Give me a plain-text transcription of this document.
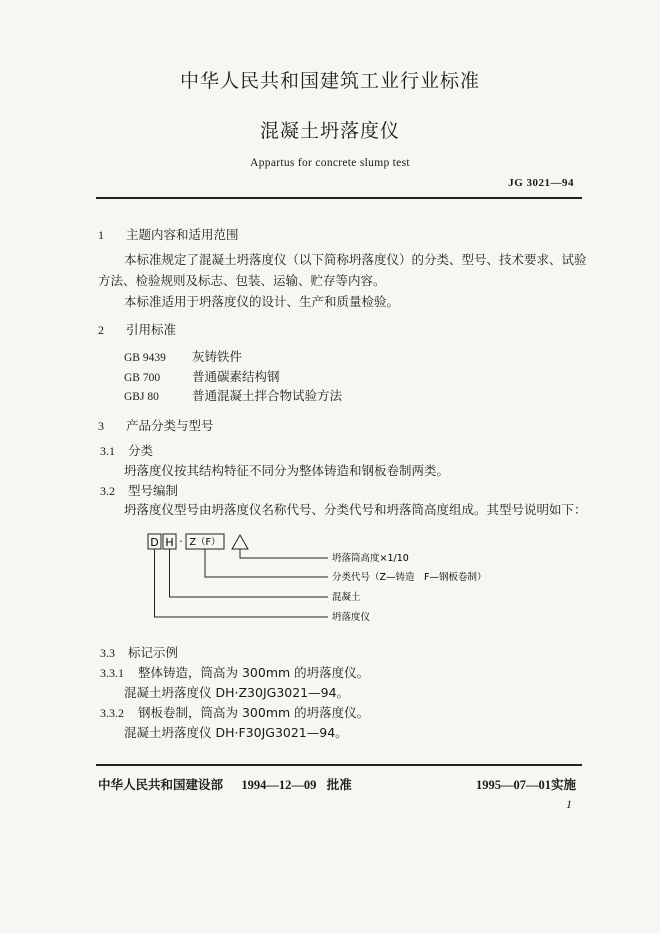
中华人民共和国建筑工业行业标准
混凝土坍落度仪
Appartus for concrete slump test
JG 3021—94
1 主题内容和适用范围
本标准规定了混凝土坍落度仪（以下简称坍落度仪）的分类、型号、技术要求、试验
方法、检验规则及标志、包装、运输、贮存等内容。
本标准适用于坍落度仪的设计、生产和质量检验。
2 引用标准
GB 9439 灰铸铁件
GB 700	普通碳素结构钢
GBJ 80	普通混凝土拌合物试验方法
3 产品分类与型号
3.1 分类
坍落度仪按其结构特征不同分为整体铸造和钢板卷制两类。
3.2 型号编制
坍落度仪型号由坍落度仪名称代号、分类代号和坍落筒高度组成。其型号说明如下：
D H · Z（F）
坍落筒高度×1/10
分类代号（Z—铸造　F—钢板卷制）
混凝土
坍落度仪
3.3 标记示例
3.3.1 整体铸造，筒高为 300mm 的坍落度仪。
混凝土坍落度仪 DH·Z30JG3021—94。
3.3.2 钢板卷制，筒高为 300mm 的坍落度仪。
混凝土坍落度仪 DH·F30JG3021—94。
中华人民共和国建设部 1994—12—09 批准	1995—07—01实施
1
